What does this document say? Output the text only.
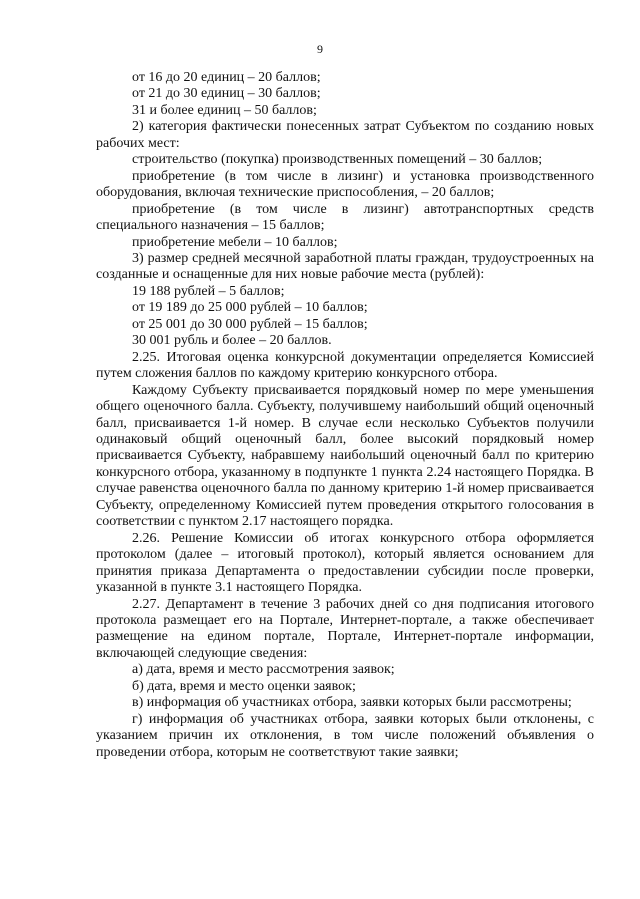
9

от 16 до 20 единиц – 20 баллов;

от 21 до 30 единиц – 30 баллов;

31 и более единиц – 50 баллов;

2) категория фактически понесенных затрат Субъектом по созданию новых рабочих мест:

строительство (покупка) производственных помещений – 30 баллов;

приобретение (в том числе в лизинг) и установка производственного оборудования, включая технические приспособления, – 20 баллов;

приобретение (в том числе в лизинг) автотранспортных средств специального назначения – 15 баллов;

приобретение мебели – 10 баллов;

3) размер средней месячной заработной платы граждан, трудоустроенных на созданные и оснащенные для них новые рабочие места (рублей):

19 188 рублей – 5 баллов;

от 19 189 до 25 000 рублей – 10 баллов;

от 25 001 до 30 000 рублей – 15 баллов;

30 001 рубль и более – 20 баллов.

2.25. Итоговая оценка конкурсной документации определяется Комиссией путем сложения баллов по каждому критерию конкурсного отбора.

Каждому Субъекту присваивается порядковый номер по мере уменьшения общего оценочного балла. Субъекту, получившему наибольший общий оценочный балл, присваивается 1-й номер. В случае если несколько Субъектов получили одинаковый общий оценочный балл, более высокий порядковый номер присваивается Субъекту, набравшему наибольший оценочный балл по критерию конкурсного отбора, указанному в подпункте 1 пункта 2.24 настоящего Порядка. В случае равенства оценочного балла по данному критерию 1-й номер присваивается Субъекту, определенному Комиссией путем проведения открытого голосования в соответствии с пунктом 2.17 настоящего порядка.

2.26. Решение Комиссии об итогах конкурсного отбора оформляется протоколом (далее – итоговый протокол), который является основанием для принятия приказа Департамента о предоставлении субсидии после проверки, указанной в пункте 3.1 настоящего Порядка.

2.27. Департамент в течение 3 рабочих дней со дня подписания итогового протокола размещает его на Портале, Интернет-портале, а также обеспечивает размещение на едином портале, Портале, Интернет-портале информации, включающей следующие сведения:

а) дата, время и место рассмотрения заявок;

б) дата, время и место оценки заявок;

в) информация об участниках отбора, заявки которых были рассмотрены;

г) информация об участниках отбора, заявки которых были отклонены, с указанием причин их отклонения, в том числе положений объявления о проведении отбора, которым не соответствуют такие заявки;
